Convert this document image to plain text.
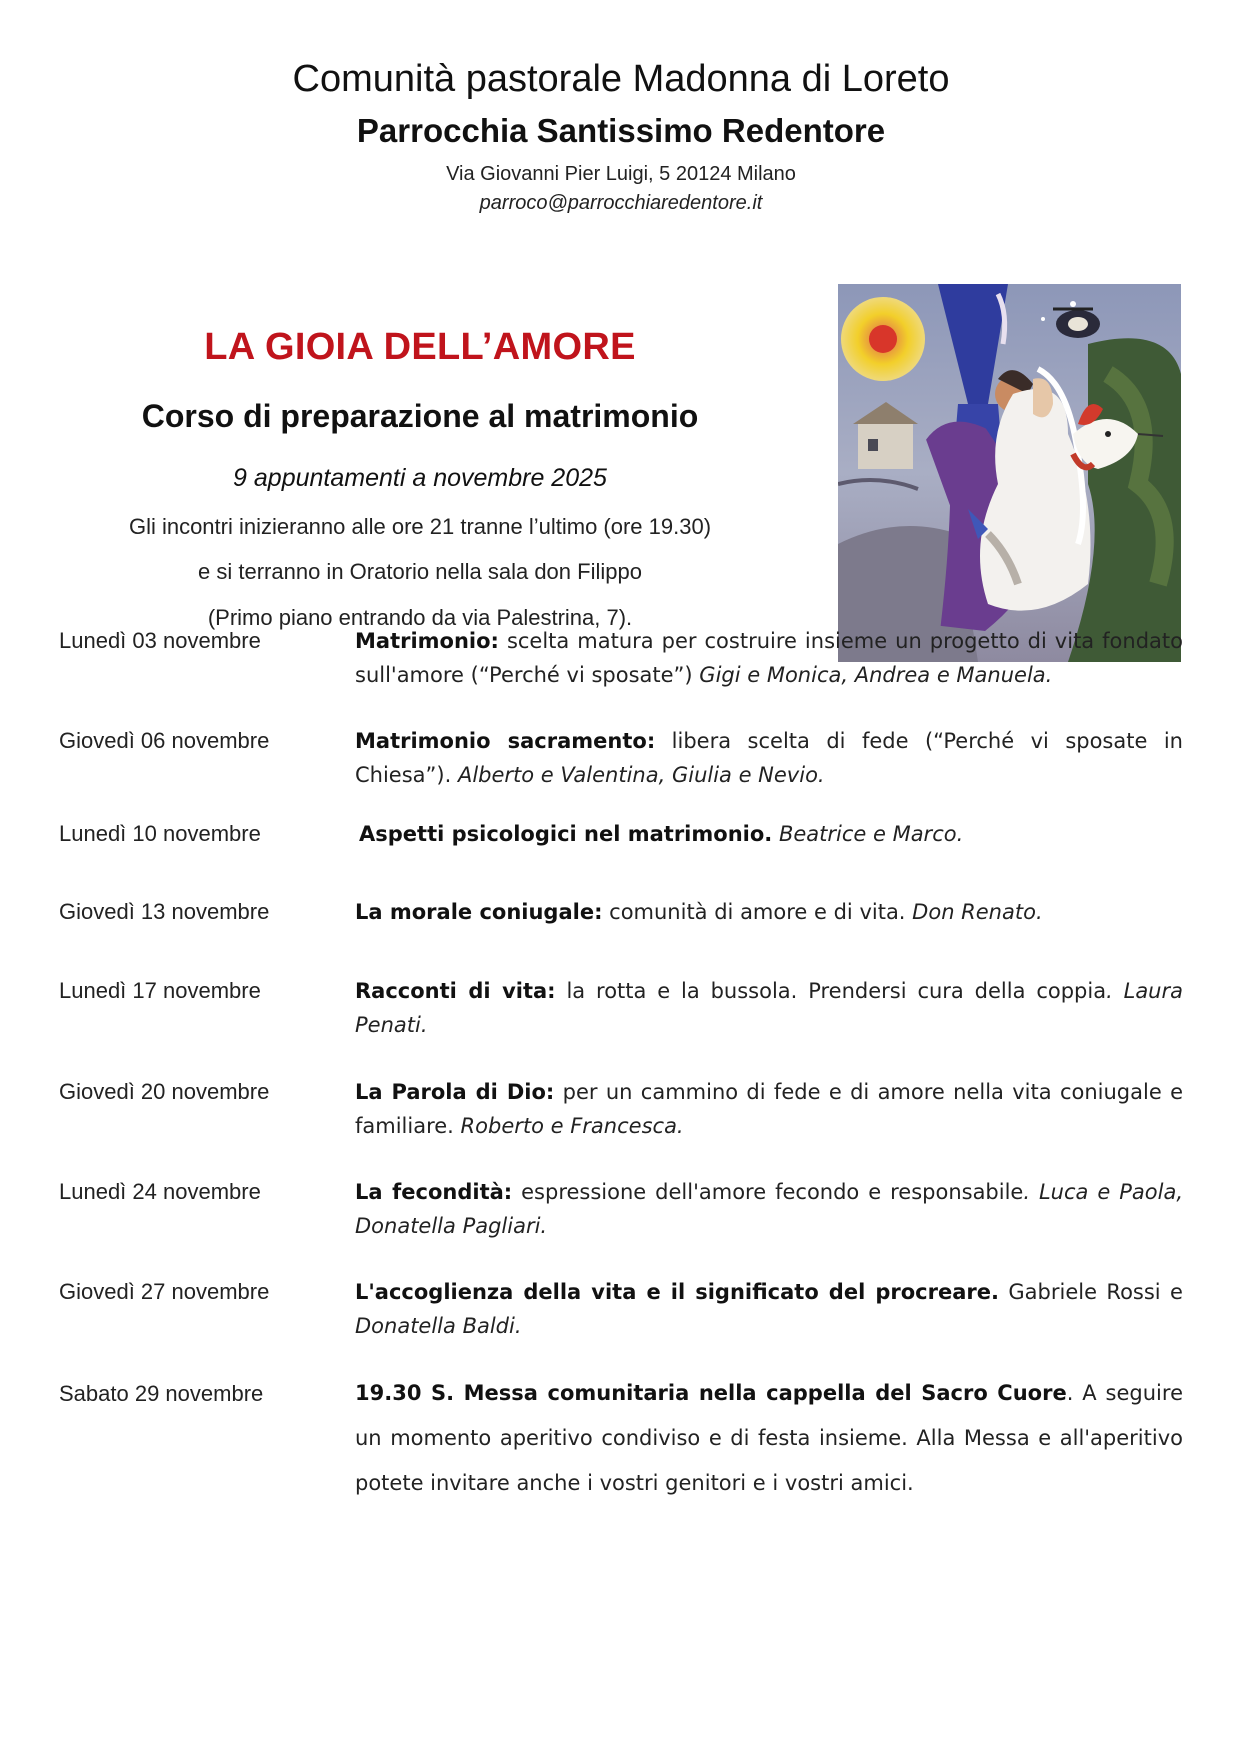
Comunità pastorale Madonna di Loreto
Parrocchia Santissimo Redentore
Via Giovanni Pier Luigi, 5 20124 Milano
parroco@parrocchiaredentore.it
LA GIOIA DELL’AMORE
Corso di preparazione al matrimonio
9 appuntamenti a novembre 2025
Gli incontri inizieranno alle ore 21 tranne l’ultimo (ore 19.30)
e si terranno in Oratorio nella sala don Filippo
(Primo piano entrando da via Palestrina, 7).
Lunedì 03 novembre	Matrimonio: scelta matura per costruire insieme un progetto di vita fondato sull'amore (“Perché vi sposate”) Gigi e Monica, Andrea e Manuela.
Giovedì 06 novembre	Matrimonio sacramento: libera scelta di fede (“Perché vi sposate in Chiesa”). Alberto e Valentina, Giulia e Nevio.
Lunedì 10 novembre	Aspetti psicologici nel matrimonio. Beatrice e Marco.
Giovedì 13 novembre	La morale coniugale: comunità di amore e di vita. Don Renato.
Lunedì 17 novembre	Racconti di vita: la rotta e la bussola. Prendersi cura della coppia. Laura Penati.
Giovedì 20 novembre	La Parola di Dio: per un cammino di fede e di amore nella vita coniugale e familiare. Roberto e Francesca.
Lunedì 24 novembre	La fecondità: espressione dell'amore fecondo e responsabile. Luca e Paola, Donatella Pagliari.
Giovedì 27 novembre	L'accoglienza della vita e il significato del procreare. Gabriele Rossi e Donatella Baldi.
Sabato 29 novembre	19.30 S. Messa comunitaria nella cappella del Sacro Cuore. A seguire un momento aperitivo condiviso e di festa insieme. Alla Messa e all'aperitivo potete invitare anche i vostri genitori e i vostri amici.
